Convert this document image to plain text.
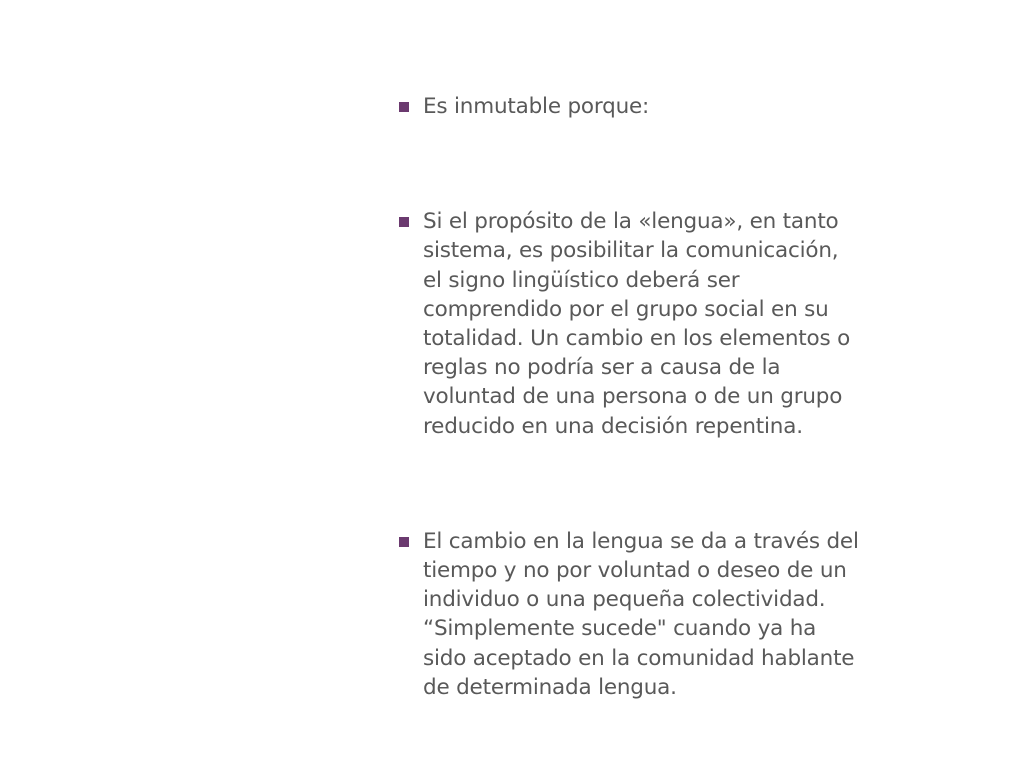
Es inmutable porque:
Si el propósito de la «lengua», en tanto sistema, es posibilitar la comunicación, el signo lingüístico deberá ser comprendido por el grupo social en su totalidad. Un cambio en los elementos o reglas no podría ser a causa de la voluntad de una persona o de un grupo reducido en una decisión repentina.
El cambio en la lengua se da a través del tiempo y no por voluntad o deseo de un individuo o una pequeña colectividad. “Simplemente sucede" cuando ya ha sido aceptado en la comunidad hablante de determinada lengua.
